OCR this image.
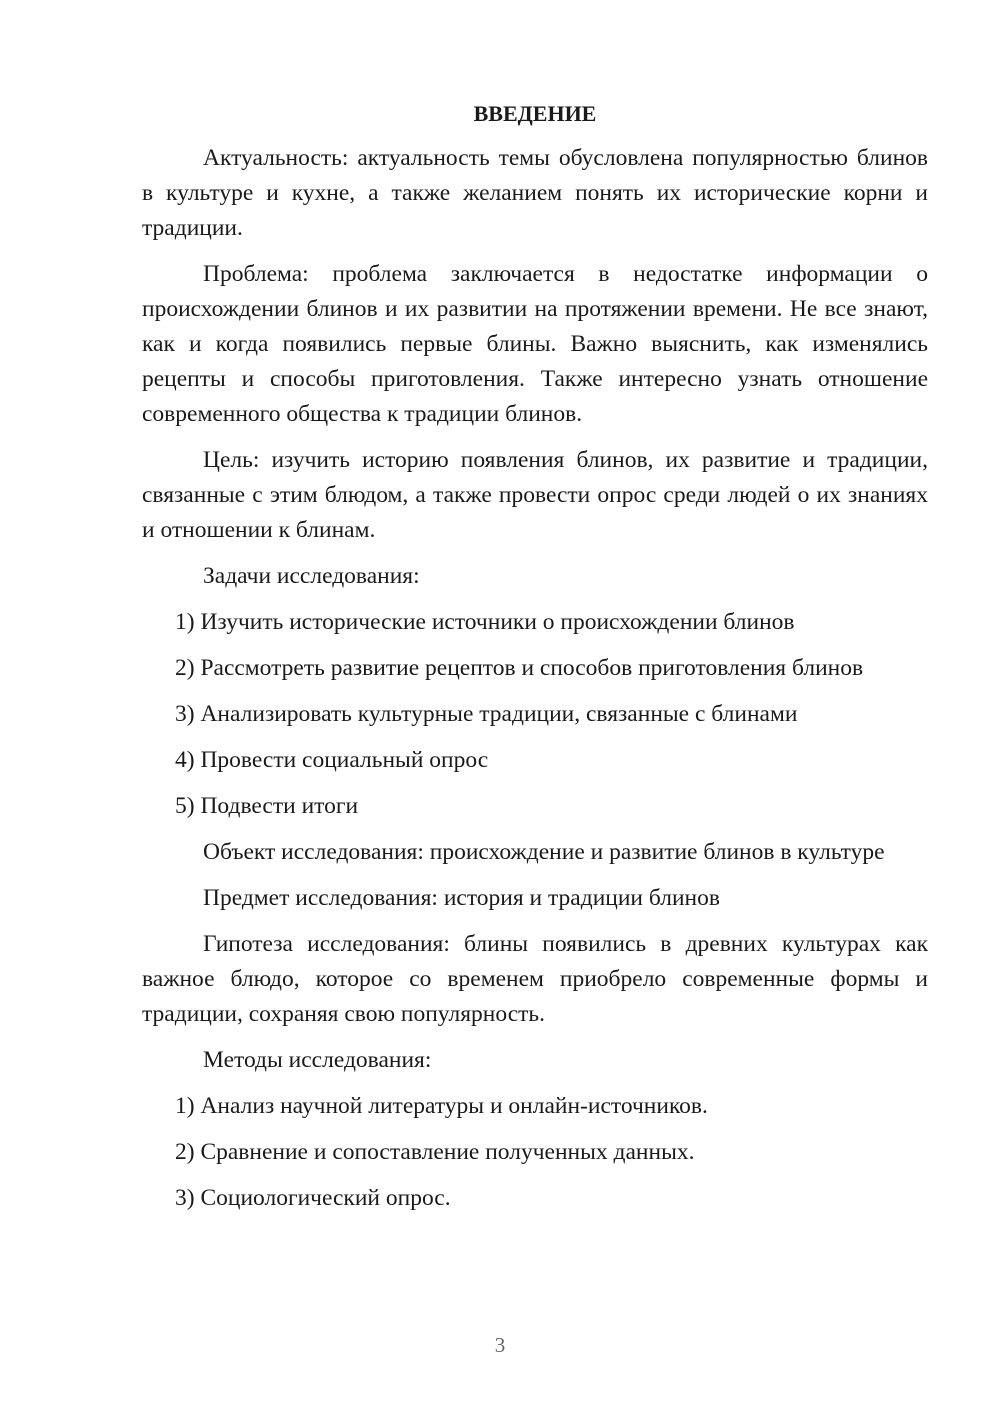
ВВЕДЕНИЕ

Актуальность: актуальность темы обусловлена популярностью блинов в культуре и кухне, а также желанием понять их исторические корни и традиции.

Проблема: проблема заключается в недостатке информации о происхождении блинов и их развитии на протяжении времени. Не все знают, как и когда появились первые блины. Важно выяснить, как изменялись рецепты и способы приготовления. Также интересно узнать отношение современного общества к традиции блинов.

Цель: изучить историю появления блинов, их развитие и традиции, связанные с этим блюдом, а также провести опрос среди людей о их знаниях и отношении к блинам.

Задачи исследования:
1) Изучить исторические источники о происхождении блинов
2) Рассмотреть развитие рецептов и способов приготовления блинов
3) Анализировать культурные традиции, связанные с блинами
4) Провести социальный опрос
5) Подвести итоги
Объект исследования: происхождение и развитие блинов в культуре
Предмет исследования: история и традиции блинов

Гипотеза исследования: блины появились в древних культурах как важное блюдо, которое со временем приобрело современные формы и традиции, сохраняя свою популярность.

Методы исследования:
1) Анализ научной литературы и онлайн-источников.
2) Сравнение и сопоставление полученных данных.
3) Социологический опрос.
3
